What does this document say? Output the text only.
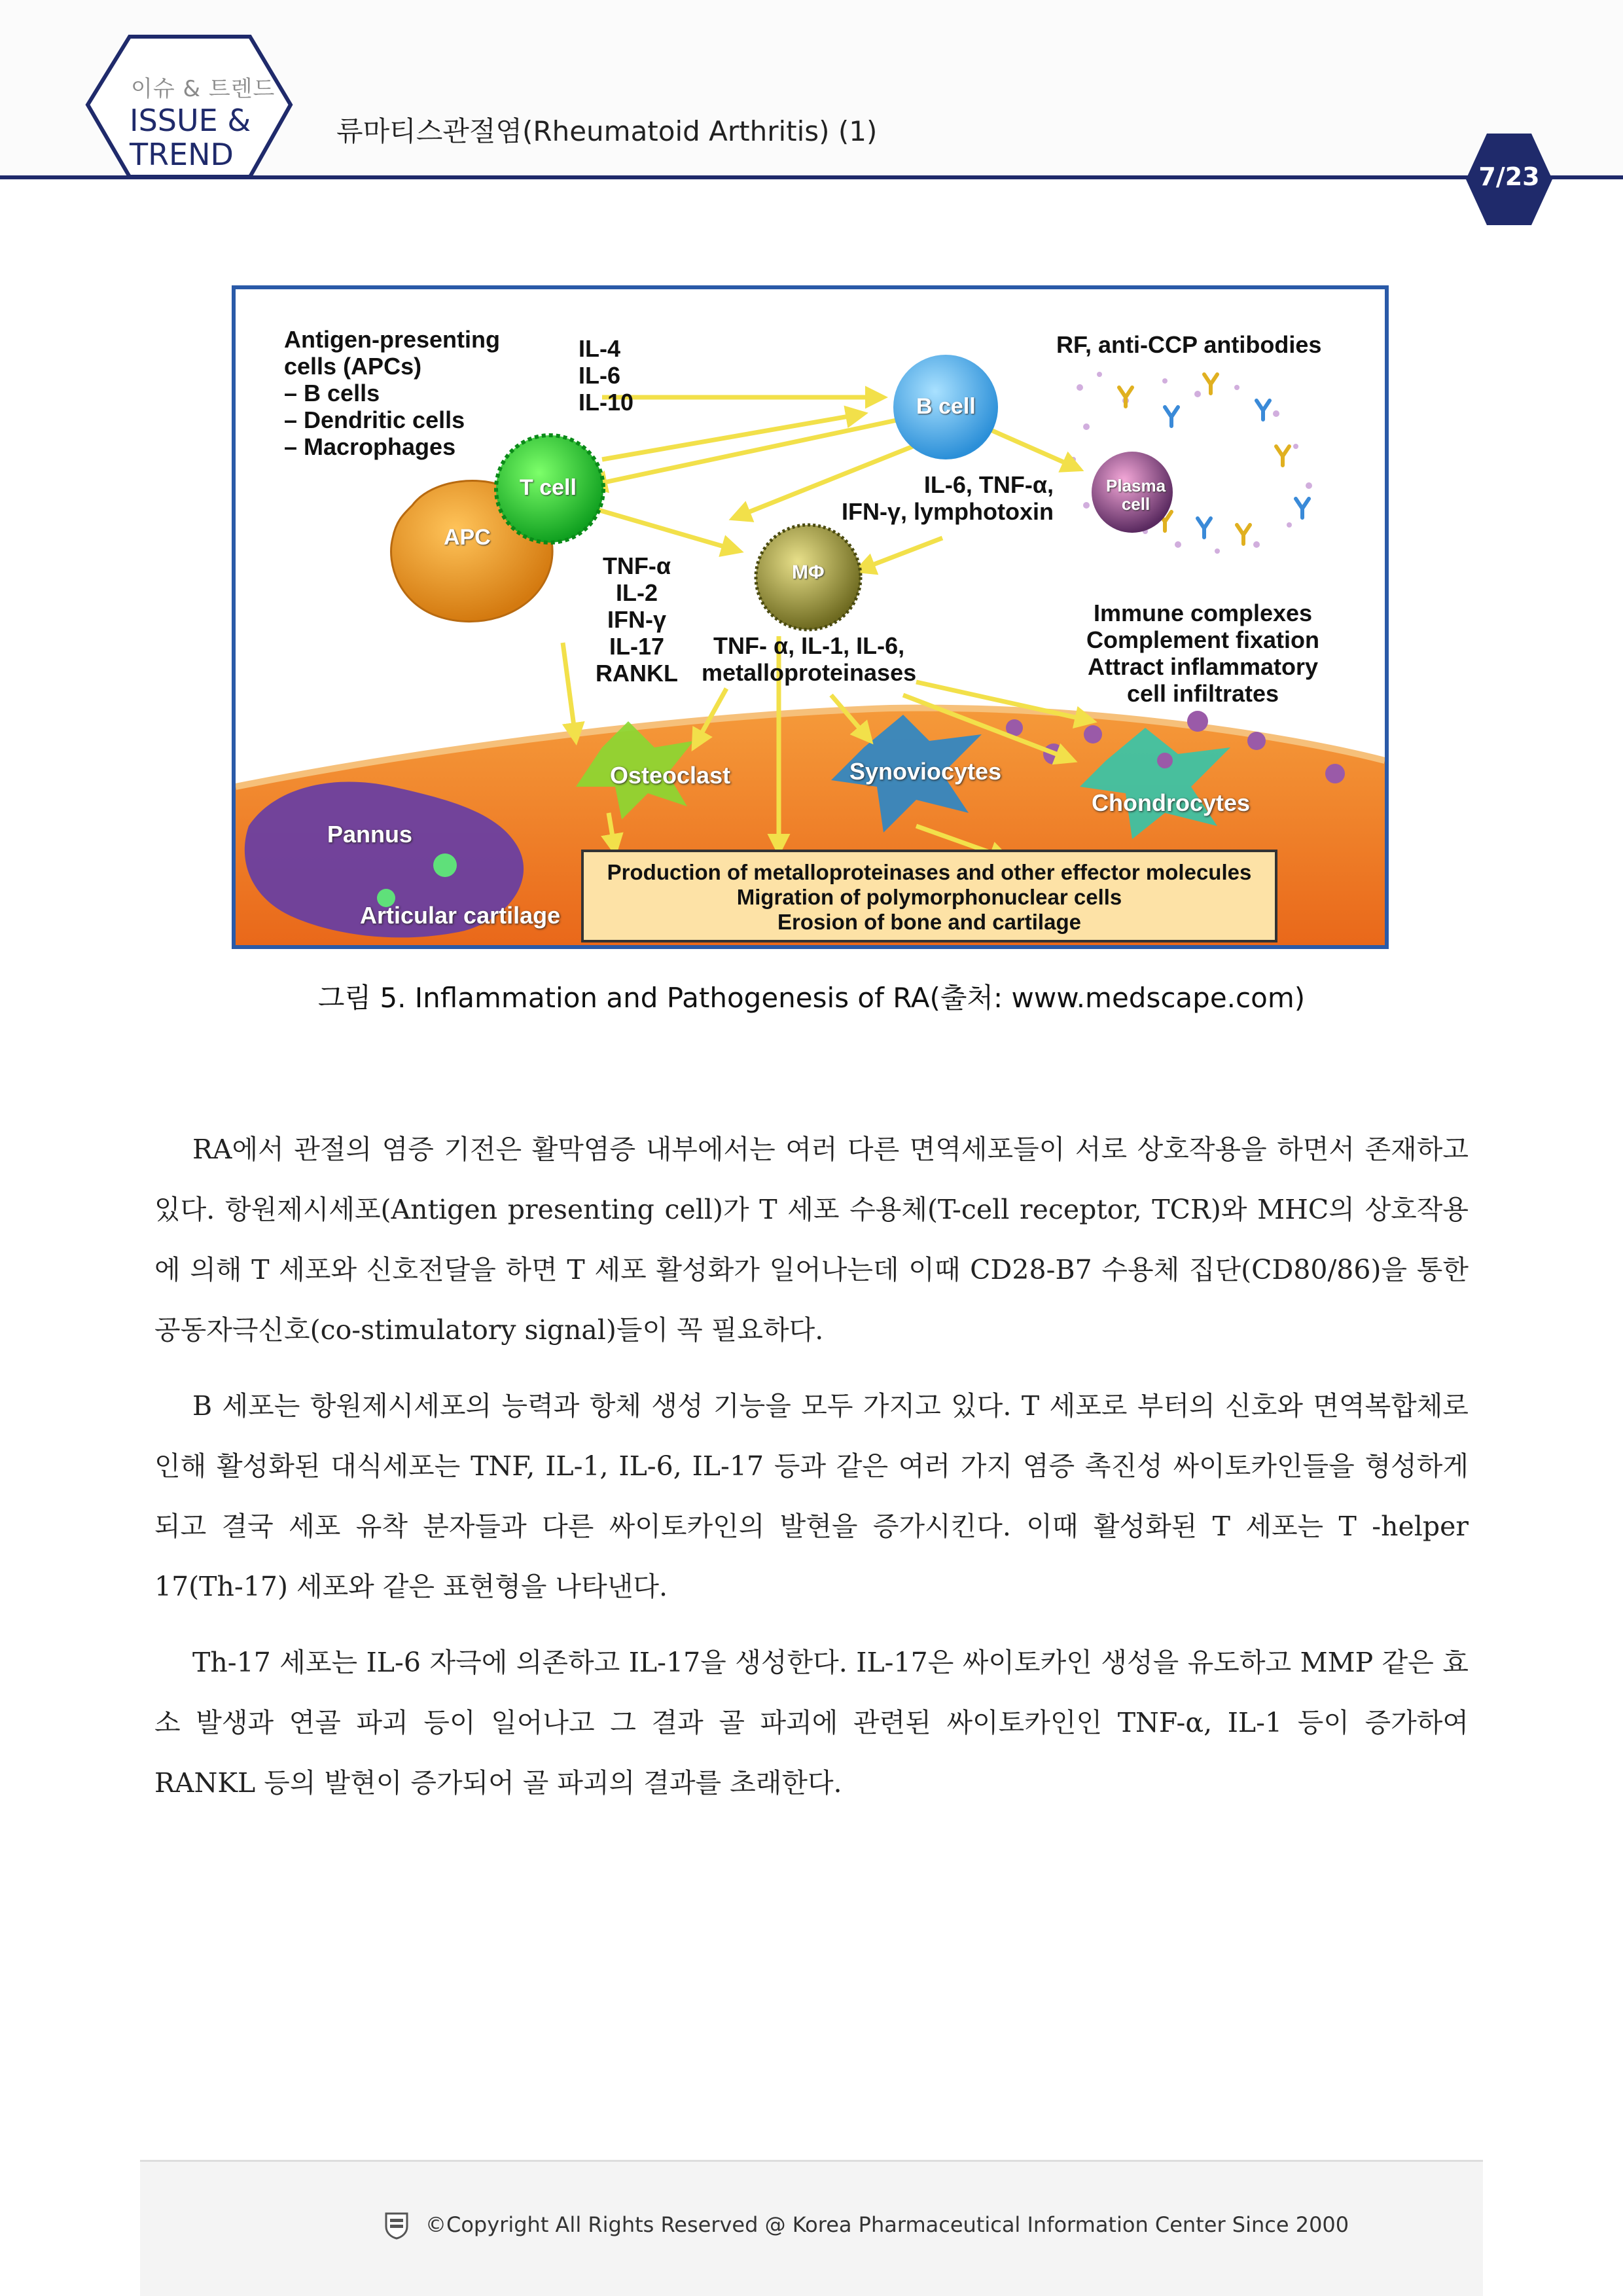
이슈 & 트렌드
ISSUE &
TREND
류마티스관절염(Rheumatoid Arthritis) (1)
7/23
Antigen-presenting
cells (APCs)
– B cells
– Dendritic cells
– Macrophages
IL-4
IL-6
IL-10
RF, anti-CCP antibodies
IL-6, TNF-α,
IFN-γ, lymphotoxin
TNF-α
IL-2
IFN-γ
IL-17
RANKL
TNF- α, IL-1, IL-6,
metalloproteinases
Immune complexes
Complement fixation
Attract inflammatory
cell infiltrates
APC
T cell
B cell
MΦ
Plasma
cell
Osteoclast	Synoviocytes
Chondrocytes
Pannus
Articular cartilage
Production of metalloproteinases and other effector molecules
Migration of polymorphonuclear cells
Erosion of bone and cartilage
그림 5. Inflammation and Pathogenesis of RA(출처: www.medscape.com)
RA에서 관절의 염증 기전은 활막염증 내부에서는 여러 다른 면역세포들이 서로 상호작용을 하면서 존재하고 있다. 항원제시세포(Antigen presenting cell)가 T 세포 수용체(T-cell receptor, TCR)와 MHC의 상호작용에 의해 T 세포와 신호전달을 하면 T 세포 활성화가 일어나는데 이때 CD28-B7 수용체 집단(CD80/86)을 통한 공동자극신호(co-stimulatory signal)들이 꼭 필요하다.
B 세포는 항원제시세포의 능력과 항체 생성 기능을 모두 가지고 있다. T 세포로 부터의 신호와 면역복합체로 인해 활성화된 대식세포는 TNF, IL-1, IL-6, IL-17 등과 같은 여러 가지 염증 촉진성 싸이토카인들을 형성하게 되고 결국 세포 유착 분자들과 다른 싸이토카인의 발현을 증가시킨다. 이때 활성화된 T 세포는 T -helper 17(Th-17) 세포와 같은 표현형을 나타낸다.
Th-17 세포는 IL-6 자극에 의존하고 IL-17을 생성한다. IL-17은 싸이토카인 생성을 유도하고 MMP 같은 효소 발생과 연골 파괴 등이 일어나고 그 결과 골 파괴에 관련된 싸이토카인인 TNF-α, IL-1 등이 증가하여 RANKL 등의 발현이 증가되어 골 파괴의 결과를 초래한다.
©Copyright All Rights Reserved @ Korea Pharmaceutical Information Center Since 2000
